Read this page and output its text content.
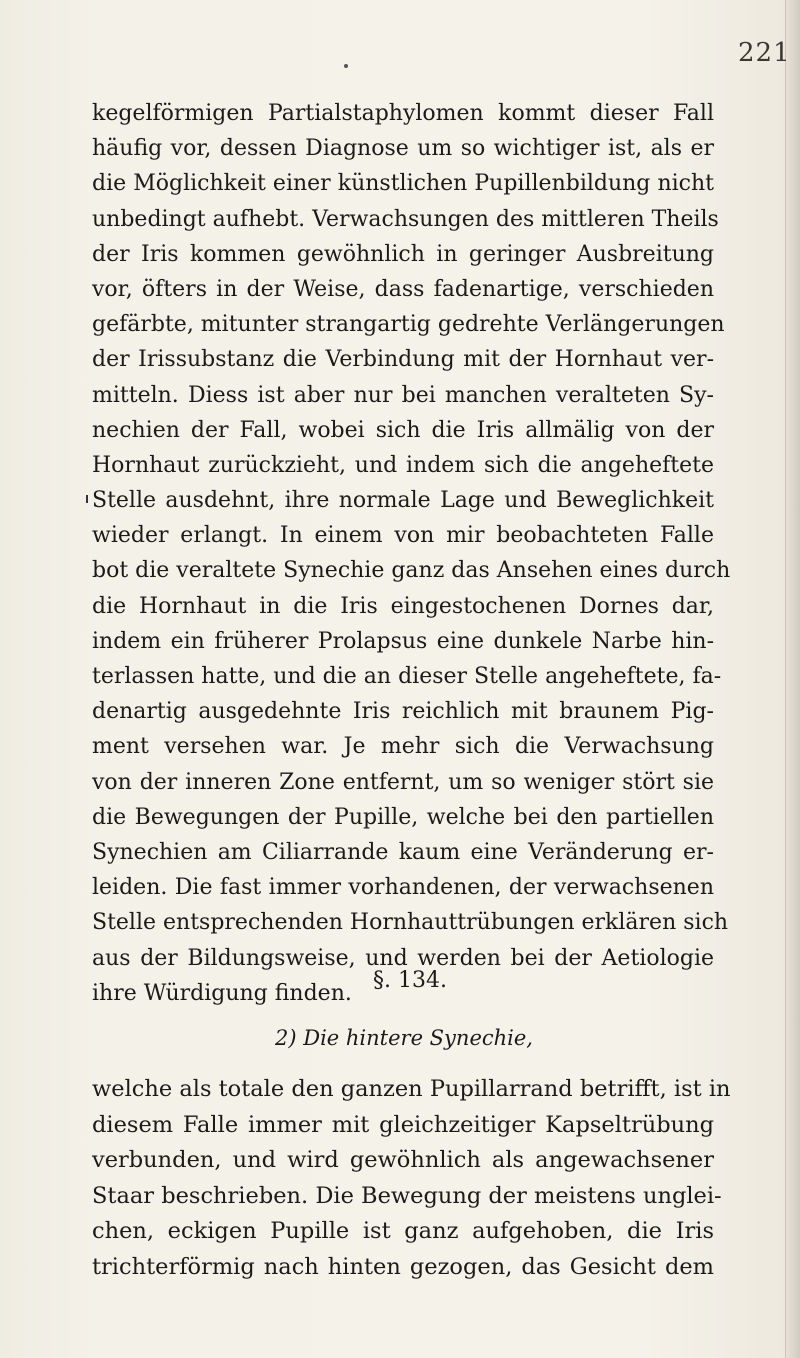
221
kegelförmigen Partialstaphylomen kommt dieser Fall
häufig vor, dessen Diagnose um so wichtiger ist, als er
die Möglichkeit einer künstlichen Pupillenbildung nicht
unbedingt aufhebt. Verwachsungen des mittleren Theils
der Iris kommen gewöhnlich in geringer Ausbreitung
vor, öfters in der Weise, dass fadenartige, verschieden
gefärbte, mitunter strangartig gedrehte Verlängerungen
der Irissubstanz die Verbindung mit der Hornhaut ver-
mitteln. Diess ist aber nur bei manchen veralteten Sy-
nechien der Fall, wobei sich die Iris allmälig von der
Hornhaut zurückzieht, und indem sich die angeheftete
Stelle ausdehnt, ihre normale Lage und Beweglichkeit
wieder erlangt. In einem von mir beobachteten Falle
bot die veraltete Synechie ganz das Ansehen eines durch
die Hornhaut in die Iris eingestochenen Dornes dar,
indem ein früherer Prolapsus eine dunkele Narbe hin-
terlassen hatte, und die an dieser Stelle angeheftete, fa-
denartig ausgedehnte Iris reichlich mit braunem Pig-
ment versehen war. Je mehr sich die Verwachsung
von der inneren Zone entfernt, um so weniger stört sie
die Bewegungen der Pupille, welche bei den partiellen
Synechien am Ciliarrande kaum eine Veränderung er-
leiden. Die fast immer vorhandenen, der verwachsenen
Stelle entsprechenden Hornhauttrübungen erklären sich
aus der Bildungsweise, und werden bei der Aetiologie
ihre Würdigung finden.
§. 134.
2) Die hintere Synechie,
welche als totale den ganzen Pupillarrand betrifft, ist in
diesem Falle immer mit gleichzeitiger Kapseltrübung
verbunden, und wird gewöhnlich als angewachsener
Staar beschrieben. Die Bewegung der meistens unglei-
chen, eckigen Pupille ist ganz aufgehoben, die Iris
trichterförmig nach hinten gezogen, das Gesicht dem
